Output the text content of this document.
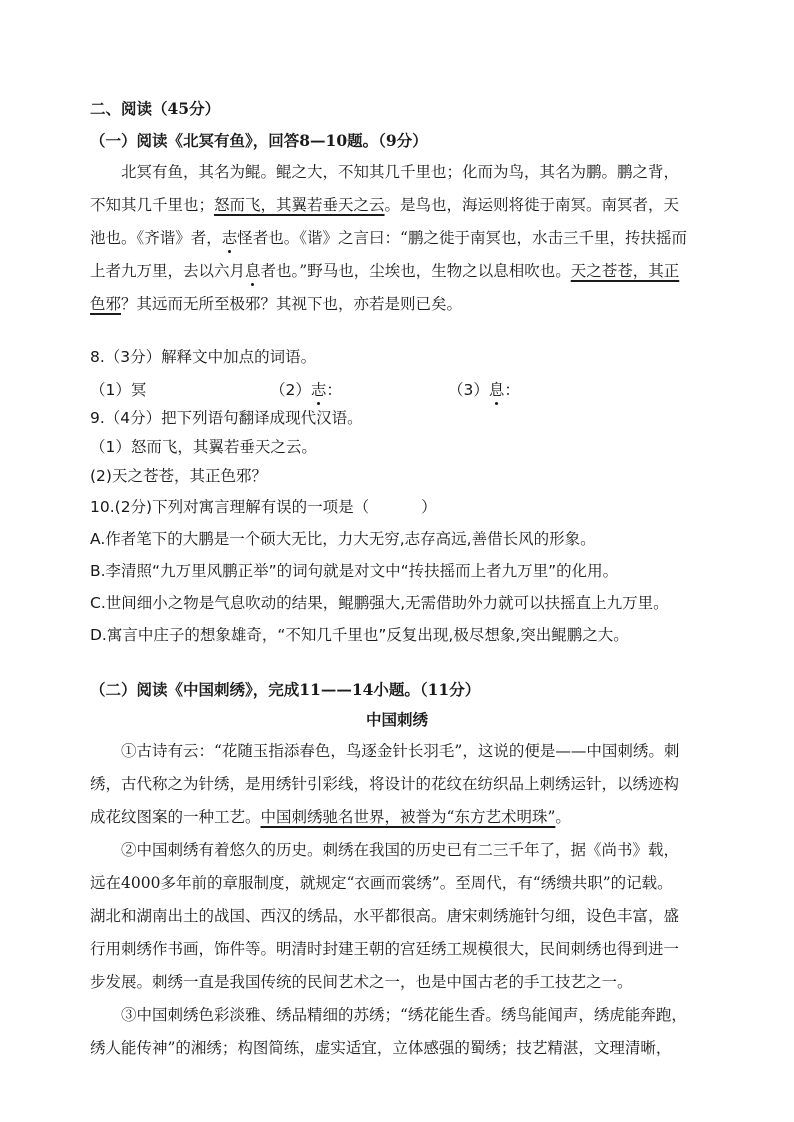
二、阅读（45分）
（一）阅读《北冥有鱼》，回答8—10题。（9分）
北冥有鱼，其名为鲲。鲲之大，不知其几千里也；化而为鸟，其名为鹏。鹏之背，
不知其几千里也；怒而飞，其翼若垂天之云。是鸟也，海运则将徙于南冥。南冥者，天
池也。《齐谐》者，志怪者也。《谐》之言曰：“鹏之徙于南冥也，水击三千里，抟扶摇而
上者九万里，去以六月息者也。”野马也，尘埃也，生物之以息相吹也。天之苍苍，其正
色邪？其远而无所至极邪？其视下也，亦若是则已矣。
8.（3分）解释文中加点的词语。
（1）冥	（2）志：	（3）息：
9.（4分）把下列语句翻译成现代汉语。
（1）怒而飞，其翼若垂天之云。
(2)天之苍苍，其正色邪？
10.(2分)下列对寓言理解有误的一项是（	）
A.作者笔下的大鹏是一个硕大无比，力大无穷,志存高远,善借长风的形象。
B.李清照“九万里风鹏正举”的词句就是对文中“抟扶摇而上者九万里”的化用。
C.世间细小之物是气息吹动的结果，鲲鹏强大,无需借助外力就可以扶摇直上九万里。
D.寓言中庄子的想象雄奇，“不知几千里也”反复出现,极尽想象,突出鲲鹏之大。
（二）阅读《中国刺绣》，完成11——14小题。（11分）
中国刺绣
①古诗有云：“花随玉指添春色，鸟逐金针长羽毛”，这说的便是——中国刺绣。刺
绣，古代称之为针绣，是用绣针引彩线，将设计的花纹在纺织品上刺绣运针，以绣迹构
成花纹图案的一种工艺。中国刺绣驰名世界，被誉为“东方艺术明珠”。
②中国刺绣有着悠久的历史。刺绣在我国的历史已有二三千年了，据《尚书》载，
远在4000多年前的章服制度，就规定“衣画而裳绣”。至周代，有“绣缋共职”的记载。
湖北和湖南出土的战国、西汉的绣品，水平都很高。唐宋刺绣施针匀细，设色丰富，盛
行用刺绣作书画，饰件等。明清时封建王朝的宫廷绣工规模很大，民间刺绣也得到进一
步发展。刺绣一直是我国传统的民间艺术之一，也是中国古老的手工技艺之一。
③中国刺绣色彩淡雅、绣品精细的苏绣；“绣花能生香。绣鸟能闻声，绣虎能奔跑，
绣人能传神”的湘绣；构图简练，虚实适宜，立体感强的蜀绣；技艺精湛，文理清晰，
